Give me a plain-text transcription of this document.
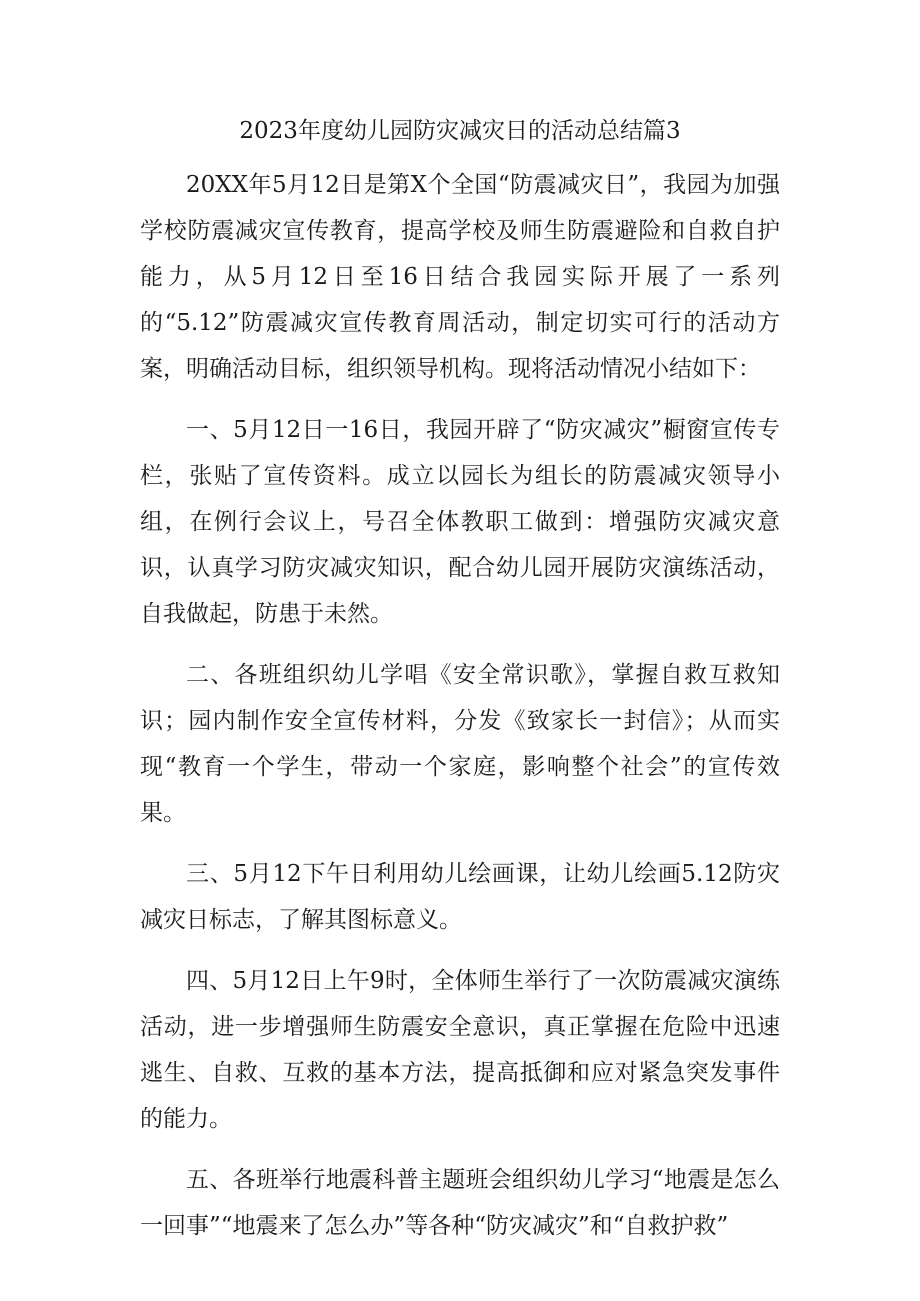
2023年度幼儿园防灾减灾日的活动总结篇3

20XX年5月12日是第X个全国“防震减灾日”，我园为加强学校防震减灾宣传教育，提高学校及师生防震避险和自救自护能力，从5月12日至16日结合我园实际开展了一系列的“5.12”防震减灾宣传教育周活动，制定切实可行的活动方案，明确活动目标，组织领导机构。现将活动情况小结如下：

一、5月12日一16日，我园开辟了“防灾减灾”橱窗宣传专栏，张贴了宣传资料。成立以园长为组长的防震减灾领导小组，在例行会议上，号召全体教职工做到：增强防灾减灾意识，认真学习防灾减灾知识，配合幼儿园开展防灾演练活动，自我做起，防患于未然。

二、各班组织幼儿学唱《安全常识歌》，掌握自救互救知识；园内制作安全宣传材料，分发《致家长一封信》；从而实现“教育一个学生，带动一个家庭，影响整个社会”的宣传效果。

三、5月12下午日利用幼儿绘画课，让幼儿绘画5.12防灾减灾日标志，了解其图标意义。

四、5月12日上午9时，全体师生举行了一次防震减灾演练活动，进一步增强师生防震安全意识，真正掌握在危险中迅速逃生、自救、互救的基本方法，提高抵御和应对紧急突发事件的能力。

五、各班举行地震科普主题班会组织幼儿学习“地震是怎么一回事”“地震来了怎么办”等各种“防灾减灾”和“自救护救”
